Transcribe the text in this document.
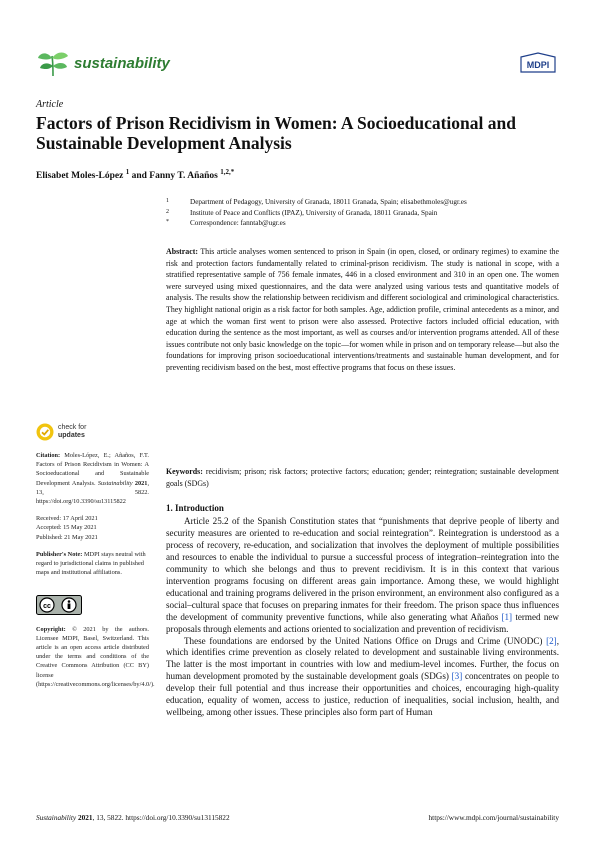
sustainability	MDPI
Article
Factors of Prison Recidivism in Women: A Socioeducational and Sustainable Development Analysis
Elisabet Moles-López $^1$ and Fanny T. Añaños $^{1,2,*}$
1	Department of Pedagogy, University of Granada, 18011 Granada, Spain; elisabethmoles@ugr.es
2	Institute of Peace and Conflicts (IPAZ), University of Granada, 18011 Granada, Spain
*	Correspondence: fanntab@ugr.es
Abstract: This article analyses women sentenced to prison in Spain (in open, closed, or ordinary regimes) to examine the risk and protection factors fundamentally related to criminal-prison recidivism. The study is national in scope, with a stratified representative sample of 756 female inmates, 446 in a closed environment and 310 in an open one. The women were surveyed using mixed questionnaires, and the data were analyzed using various tests and quantitative models of analysis. The results show the relationship between recidivism and different sociological and criminological characteristics. They highlight national origin as a risk factor for both samples. Age, addiction profile, criminal antecedents as a minor, and age at which the woman first went to prison were also assessed. Protective factors included official education, with education during the sentence as the most important, as well as courses and/or intervention programs attended. All of these issues contribute not only basic knowledge on the topic—for women while in prison and on temporary release—but also the foundations for improving prison socioeducational interventions/treatments and sustainable human development, and for preventing recidivism based on the best, most effective programs that focus on these issues.
Keywords: recidivism; prison; risk factors; protective factors; education; gender; reintegration; sustainable development goals (SDGs)
check for
updates

Citation: Moles-López, E.; Añaños, F.T. Factors of Prison Recidivism in Women: A Socioeducational and Sustainable Development Analysis. Sustainability 2021, 13, 5822. https://doi.org/10.3390/su13115822

Received: 17 April 2021

Accepted: 15 May 2021

Published: 21 May 2021

Publisher's Note: MDPI stays neutral with regard to jurisdictional claims in published maps and institutional affiliations.

cc

Copyright: © 2021 by the authors. Licensee MDPI, Basel, Switzerland. This article is an open access article distributed under the terms and conditions of the Creative Commons Attribution (CC BY) license (https://creativecommons.org/licenses/by/4.0/).

1. Introduction

Article 25.2 of the Spanish Constitution states that “punishments that deprive people of liberty and security measures are oriented to re-education and social reintegration”. Reintegration is understood as a process of recovery, re-education, and socialization that involves the deployment of multiple possibilities and resources to enable the individual to pursue a successful process of integration–reintegration into the community to which she belongs and thus to prevent recidivism. It is in this context that various intervention programs focusing on different areas gain importance. Among these, we would highlight educational and training programs delivered in the prison environment, an environment also configured as a social–cultural space that focuses on preparing inmates for their freedom. The prison space thus influences the development of community preventive functions, while also generating what Añaños [1] termed new proposals through elements and actions oriented to socialization and prevention of recidivism.

These foundations are endorsed by the United Nations Office on Drugs and Crime (UNODC) [2], which identifies crime prevention as closely related to development and sustainable living environments. The latter is the most important in countries with low and medium-level incomes. Further, the focus on human development promoted by the sustainable development goals (SDGs) [3] concentrates on people to develop their full potential and thus increase their opportunities and choices, encouraging high-quality education, equality of women, access to justice, reduction of inequalities, social inclusion, health, and wellbeing, among other issues. These principles also form part of Human

Sustainability 2021, 13, 5822. https://doi.org/10.3390/su13115822	https://www.mdpi.com/journal/sustainability
